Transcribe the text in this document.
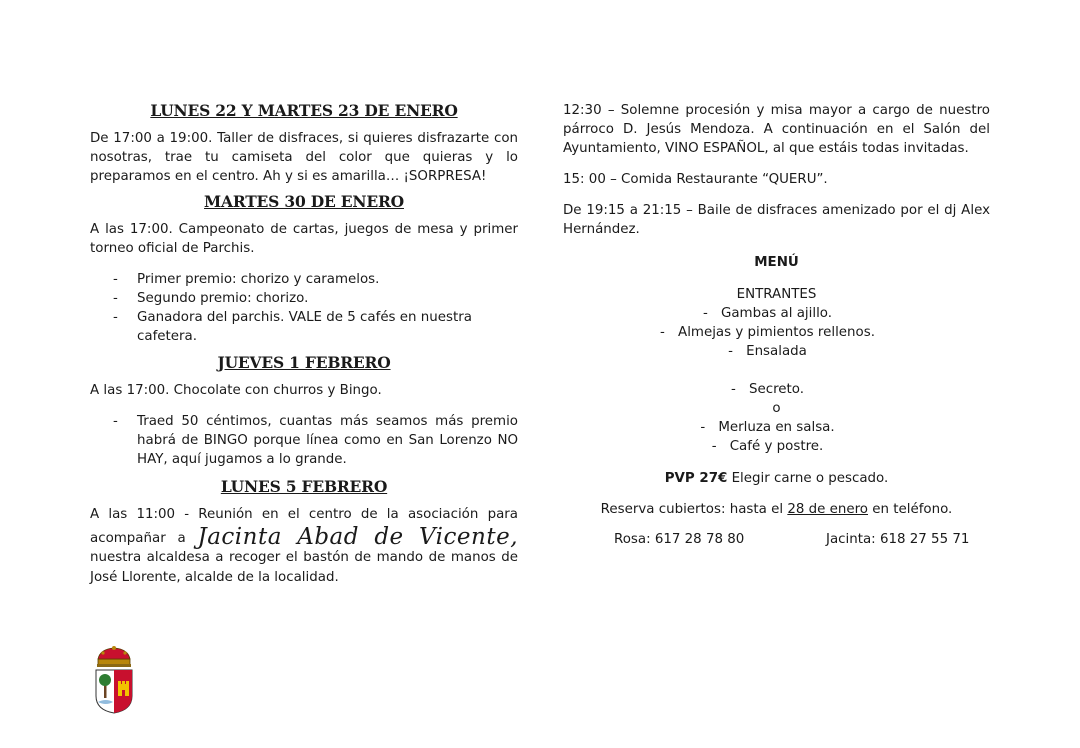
LUNES 22 Y MARTES 23 DE ENERO

De 17:00 a 19:00. Taller de disfraces, si quieres disfrazarte con nosotras, trae tu camiseta del color que quieras y lo preparamos en el centro. Ah y si es amarilla… ¡SORPRESA!

MARTES 30 DE ENERO

A las 17:00. Campeonato de cartas, juegos de mesa y primer torneo oficial de Parchis.

- Primer premio: chorizo y caramelos.
- Segundo premio: chorizo.
- Ganadora del parchis. VALE de 5 cafés en nuestra cafetera.
JUEVES 1 FEBRERO

A las 17:00. Chocolate con churros y Bingo.

- Traed 50 céntimos, cuantas más seamos más premio habrá de BINGO porque línea como en San Lorenzo NO HAY, aquí jugamos a lo grande.
LUNES 5 FEBRERO

A las 11:00 - Reunión en el centro de la asociación para acompañar a Jacinta Abad de Vicente, nuestra alcaldesa a recoger el bastón de mando de manos de José Llorente, alcalde de la localidad.

12:30 – Solemne procesión y misa mayor a cargo de nuestro párroco D. Jesús Mendoza. A continuación en el Salón del Ayuntamiento, VINO ESPAÑOL, al que estáis todas invitadas.

15: 00 – Comida Restaurante “QUERU”.

De 19:15 a 21:15 – Baile de disfraces amenizado por el dj Alex Hernández.

MENÚ
ENTRANTES
- Gambas al ajillo.
- Almejas y pimientos rellenos.
- Ensalada
- Secreto.
o
- Merluza en salsa.
- Café y postre.
PVP 27€ Elegir carne o pescado.
Reserva cubiertos: hasta el 28 de enero en teléfono.
Rosa: 617 28 78 80	Jacinta: 618 27 55 71
